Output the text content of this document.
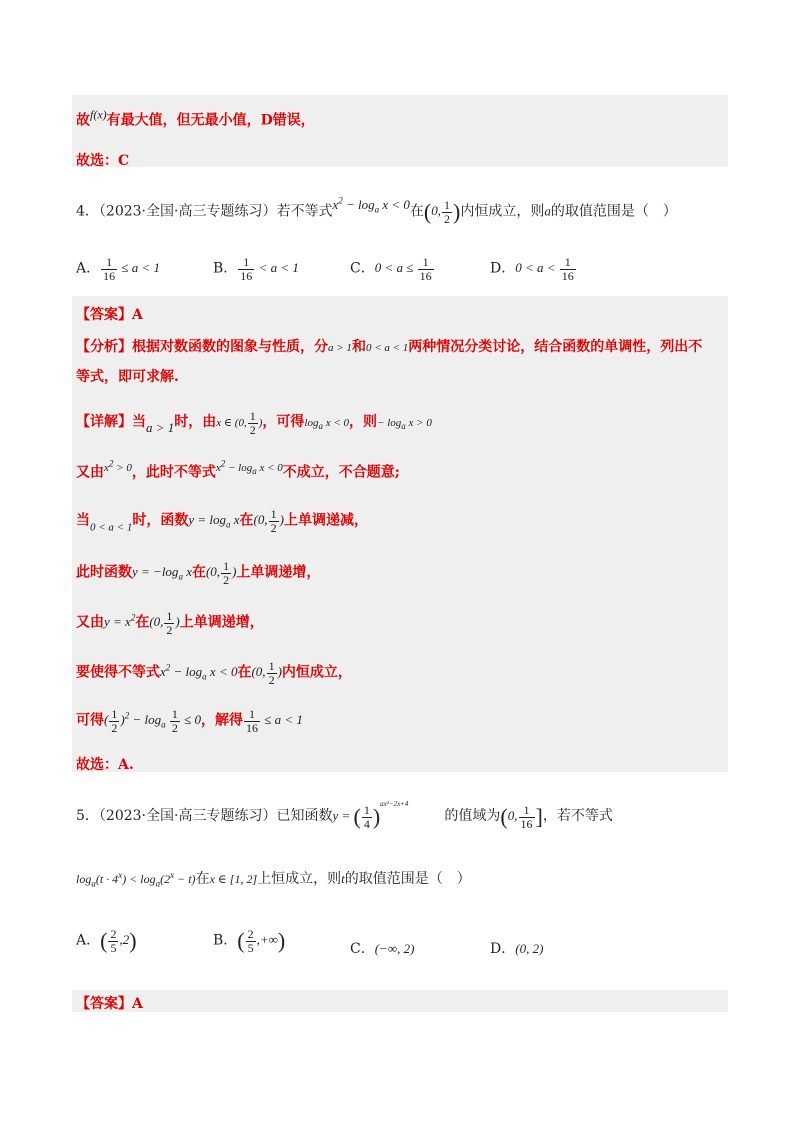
故$^{f(x)}$有最大值，但无最小值，D错误，
故选：C
4．（2023·全国·高三专题练习）若不等式$x^2 - \log_a x < 0$在(0, $\frac{1}{2}$ )内恒成立，则a的取值范围是（　）
A． $\frac{1}{16} \le a < 1$	B． $\frac{1}{16} < a < 1$	C．$0 < a \le \frac{1}{16}$	D．$0 < a < \frac{1}{16}$
【答案】A
【分析】根据对数函数的图象与性质，分a > 1和0 < a < 1两种情况分类讨论，结合函数的单调性，列出不
等式，即可求解.
【详解】当a > 1时，由x ∈ (0, $\frac{1}{2}$ )，可得$\log_a x < 0$，则− $\log_a x > 0$
又由$^{x^2 > 0}$，此时不等式$^{x^2 - log_a x < 0}$不成立，不合题意;
当$_{0 < a < 1}$时，函数$y = \log_a x$在(0, $\frac{1}{2}$ )上单调递减，
此时函数$y = -\log_a$ x在(0, $\frac{1}{2}$ )上单调递增，
又由$y = x^2$在(0, $\frac{1}{2}$ )上单调递增，
要使得不等式$x^2 - \log_a x < 0$在(0, $\frac{1}{2}$ )内恒成立，
可得( $\frac{1}{2} )^2 - \log_a \frac{1}{2} \le 0$，解得 $\frac{1}{16} \le a < 1$
故选：A.
5．（2023·全国·高三专题练习）已知函数y = ( $\frac{1}{4} )^{ax^2-2x+4}$的值域为(0, $\frac{1}{16}$ ]，若不等式
$\log_a(t \cdot 4^x) < \log_a(2^x - t)$在x ∈ [1, 2]上恒成立，则t的取值范围是（　）
A．( $\frac{2}{5} ,2$)	B．( $\frac{2}{5}$ ,+∞)	C．(−∞, 2)	D．(0, 2)
【答案】A
